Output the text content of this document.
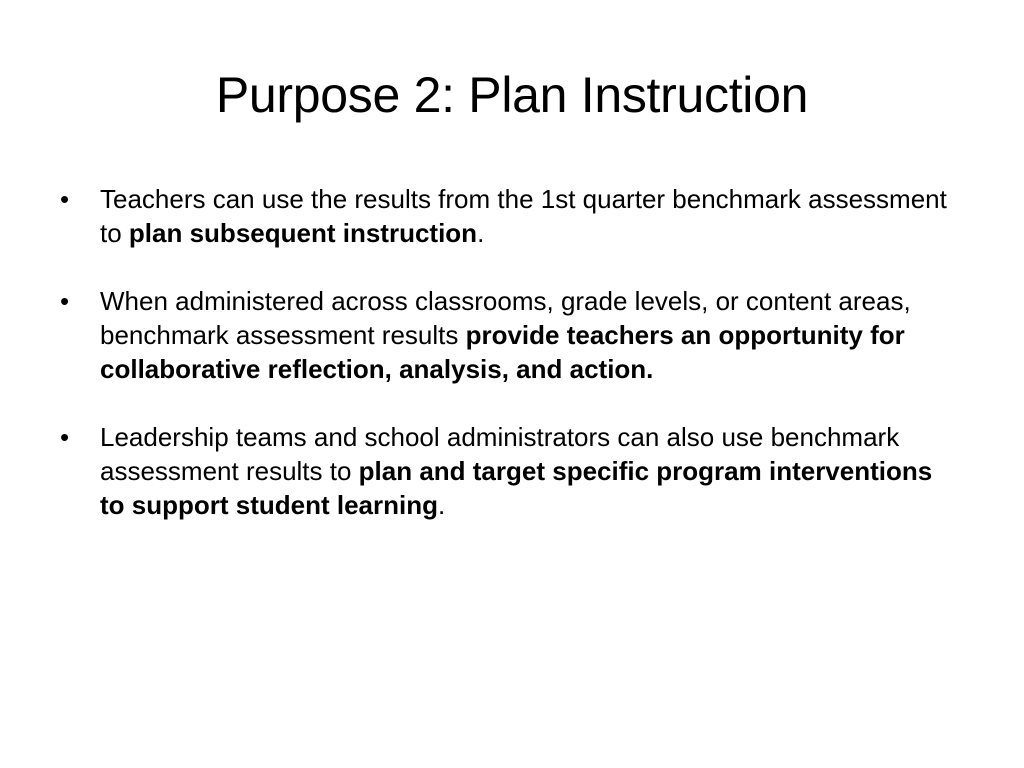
Purpose 2: Plan Instruction
•	Teachers can use the results from the 1st quarter benchmark assessment to plan subsequent instruction.
•	When administered across classrooms, grade levels, or content areas, benchmark assessment results provide teachers an opportunity for collaborative reflection, analysis, and action.
•	Leadership teams and school administrators can also use benchmark assessment results to plan and target specific program interventions to support student learning.
